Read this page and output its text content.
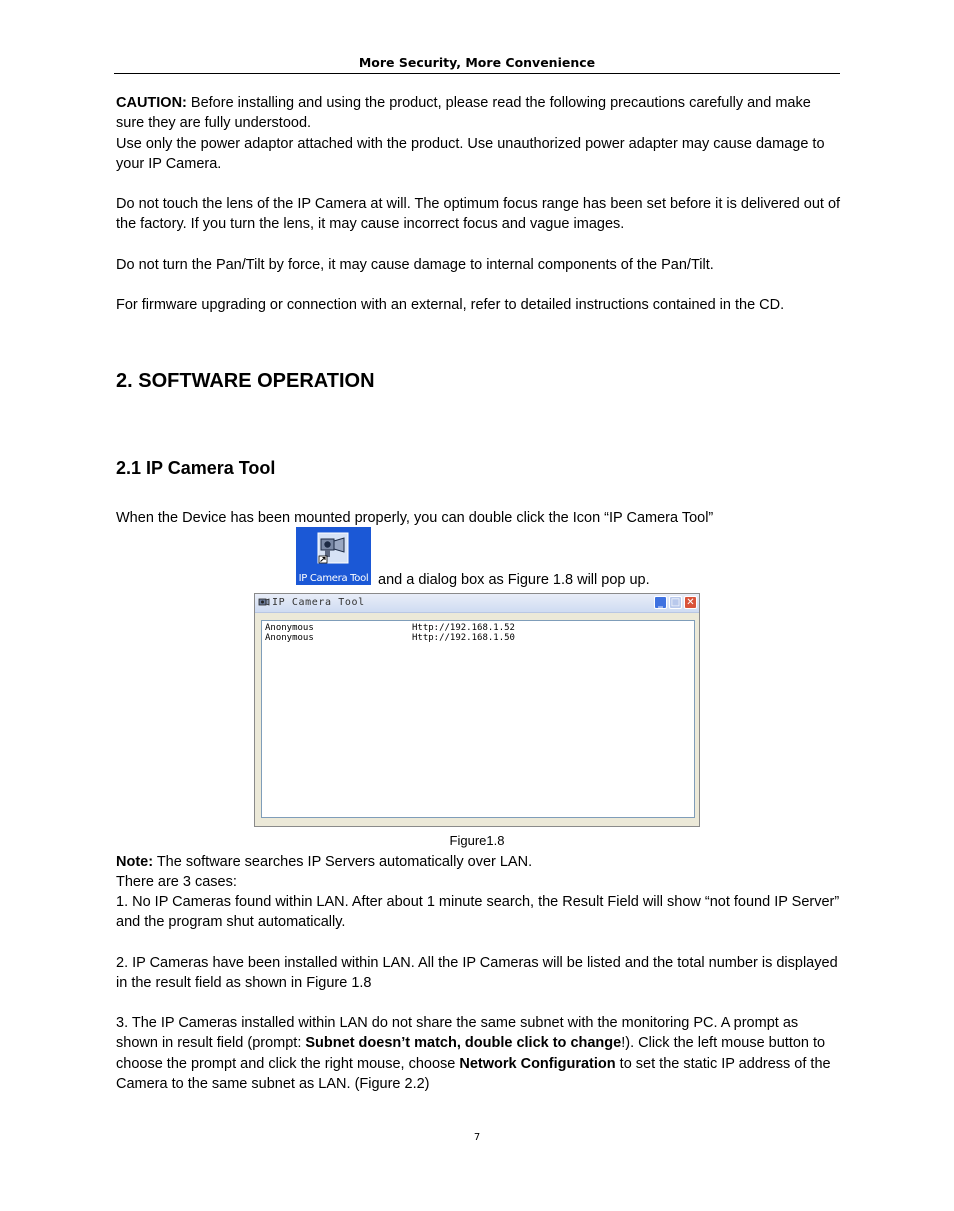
More Security, More Convenience

CAUTION: Before installing and using the product, please read the following precautions carefully and make sure they are fully understood.
Use only the power adaptor attached with the product. Use unauthorized power adapter may cause damage to your IP Camera.

Do not touch the lens of the IP Camera at will. The optimum focus range has been set before it is delivered out of the factory. If you turn the lens, it may cause incorrect focus and vague images.

Do not turn the Pan/Tilt by force, it may cause damage to internal components of the Pan/Tilt.

For firmware upgrading or connection with an external, refer to detailed instructions contained in the CD.

2. SOFTWARE OPERATION
2.1 IP Camera Tool

When the Device has been mounted properly, you can double click the Icon “IP Camera Tool”

IP Camera Tool and a dialog box as Figure 1.8 will pop up.
IP Camera Tool	_ □ ✕
Anonymous	Http://192.168.1.52
Anonymous	Http://192.168.1.50
Figure1.8

Note: The software searches IP Servers automatically over LAN.
There are 3 cases:

1. No IP Cameras found within LAN. After about 1 minute search, the Result Field will show “not found IP Server” and the program shut automatically.

2. IP Cameras have been installed within LAN. All the IP Cameras will be listed and the total number is displayed in the result field as shown in Figure 1.8

3. The IP Cameras installed within LAN do not share the same subnet with the monitoring PC. A prompt as shown in result field (prompt: Subnet doesn’t match, double click to change!). Click the left mouse button to choose the prompt and click the right mouse, choose Network Configuration to set the static IP address of the Camera to the same subnet as LAN. (Figure 2.2)

7
